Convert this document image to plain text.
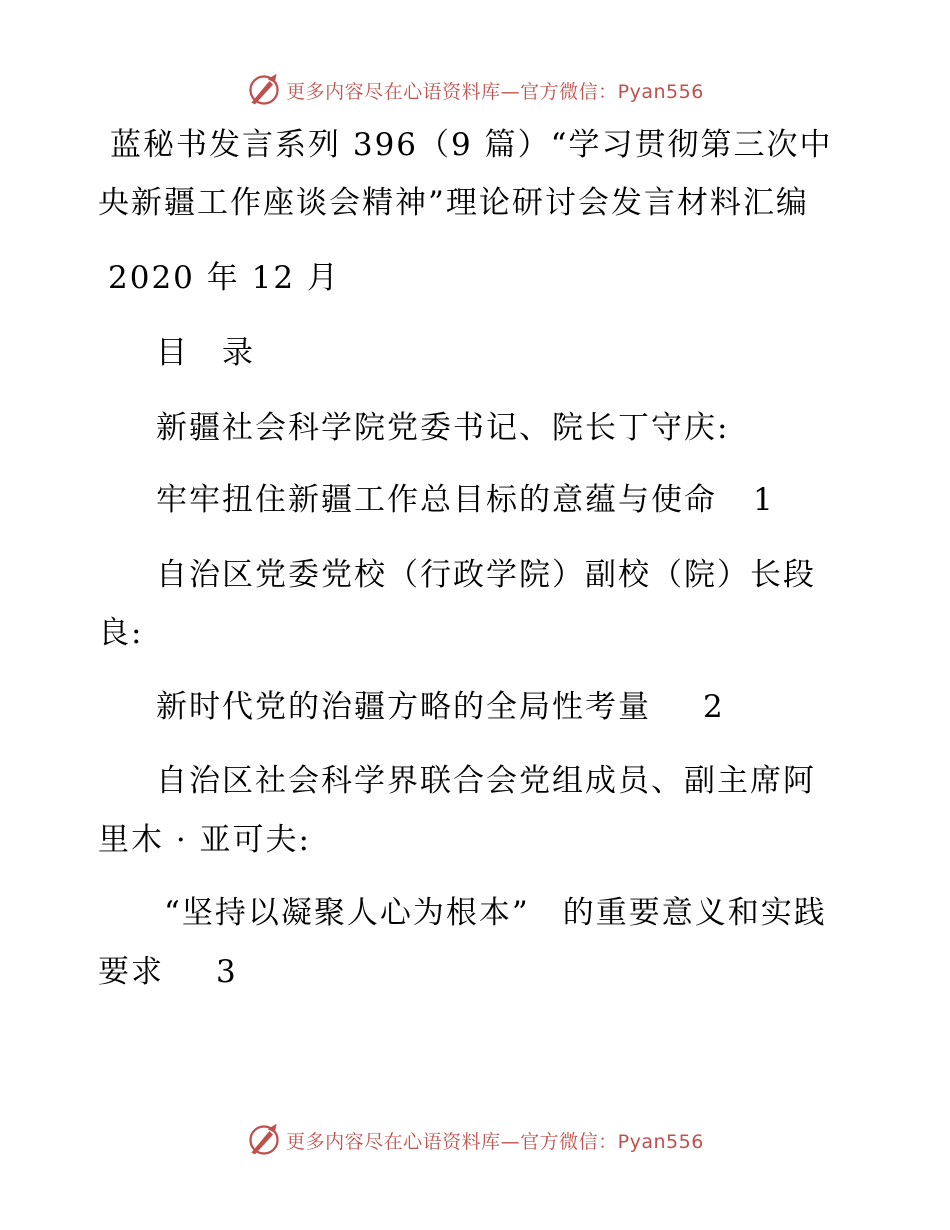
更多内容尽在心语资料库—官方微信：Pyan556
蓝秘书发言系列 396（9 篇）“学习贯彻第三次中
央新疆工作座谈会精神”理论研讨会发言材料汇编
2020 年 12 月
目　录
新疆社会科学院党委书记、院长丁守庆:
牢牢扭住新疆工作总目标的意蕴与使命 1
自治区党委党校（行政学院）副校（院）长段
良:
新时代党的治疆方略的全局性考量 2
自治区社会科学界联合会党组成员、副主席阿
里木 · 亚可夫:
“坚持以凝聚人心为根本”　的重要意义和实践
要求 3
更多内容尽在心语资料库—官方微信：Pyan556
